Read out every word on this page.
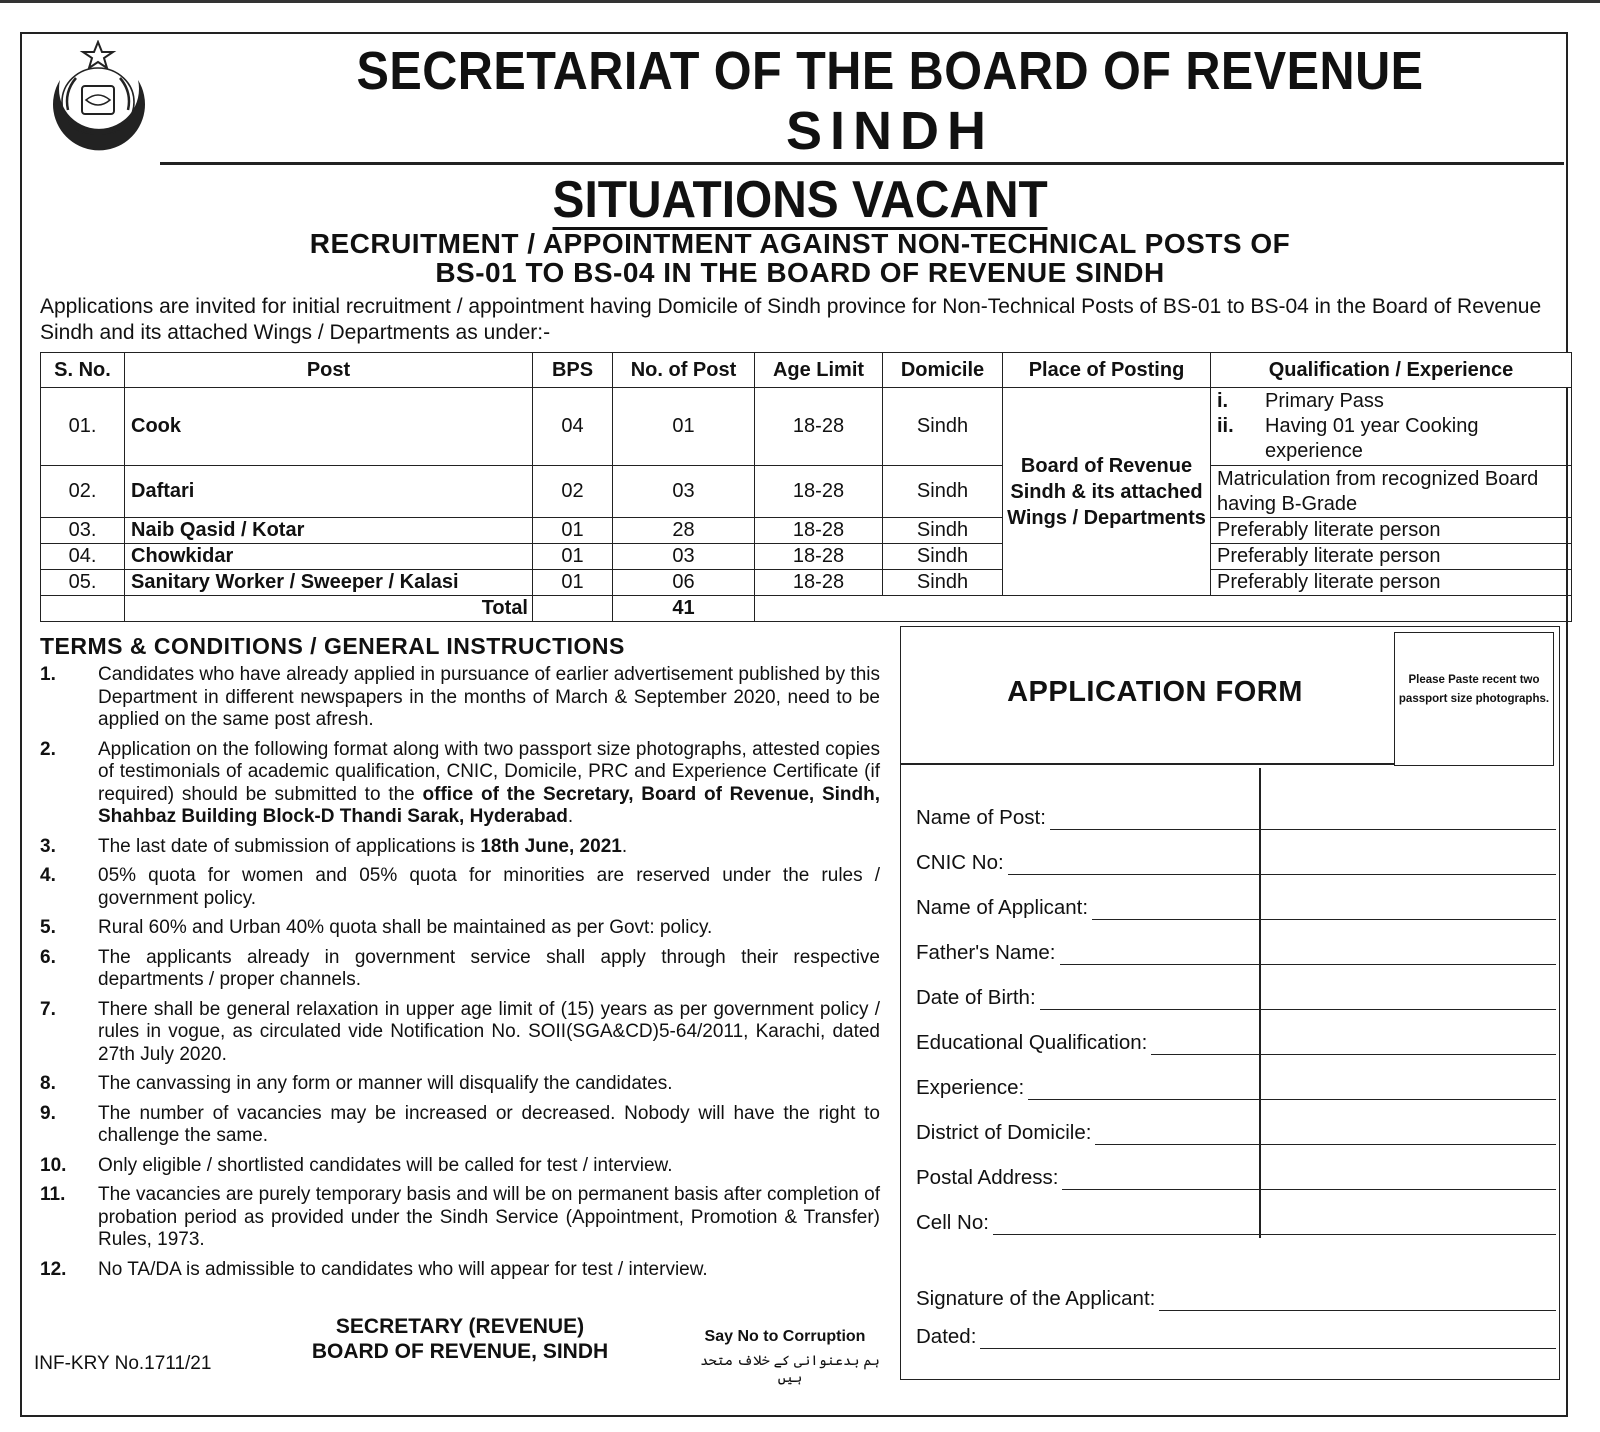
SECRETARIAT OF THE BOARD OF REVENUE
SINDH
SITUATIONS VACANT
RECRUITMENT / APPOINTMENT AGAINST NON-TECHNICAL POSTS OF
BS-01 TO BS-04 IN THE BOARD OF REVENUE SINDH
Applications are invited for initial recruitment / appointment having Domicile of Sindh province for Non-Technical Posts of BS-01 to BS-04 in the Board of Revenue Sindh and its attached Wings / Departments as under:-
S. No.	Post	BPS	No. of Post	Age Limit	Domicile	Place of Posting	Qualification / Experience
01.	Cook	04	01	18-28	Sindh	Board of Revenue Sindh & its attached Wings / Departments	i. Primary Pass
ii. Having 01 year Cooking experience

02.	Daftari	02	03	18-28	Sindh		Matriculation from recognized Board having B-Grade
03.	Naib Qasid / Kotar	01	28	18-28	Sindh		Preferably literate person
04.	Chowkidar	01	03	18-28	Sindh		Preferably literate person
05.	Sanitary Worker / Sweeper / Kalasi	01	06	18-28	Sindh		Preferably literate person
	Total		41				
TERMS & CONDITIONS / GENERAL INSTRUCTIONS
1.	Candidates who have already applied in pursuance of earlier advertisement published by this Department in different newspapers in the months of March & September 2020, need to be applied on the same post afresh.
2.	Application on the following format along with two passport size photographs, attested copies of testimonials of academic qualification, CNIC, Domicile, PRC and Experience Certificate (if required) should be submitted to the office of the Secretary, Board of Revenue, Sindh, Shahbaz Building Block-D Thandi Sarak, Hyderabad.
3.	The last date of submission of applications is 18th June, 2021.
4.	05% quota for women and 05% quota for minorities are reserved under the rules / government policy.
5.	Rural 60% and Urban 40% quota shall be maintained as per Govt: policy.
6.	The applicants already in government service shall apply through their respective departments / proper channels.
7.	There shall be general relaxation in upper age limit of (15) years as per government policy / rules in vogue, as circulated vide Notification No. SOII(SGA&CD)5-64/2011, Karachi, dated 27th July 2020.
8.	The canvassing in any form or manner will disqualify the candidates.
9.	The number of vacancies may be increased or decreased. Nobody will have the right to challenge the same.
10.	Only eligible / shortlisted candidates will be called for test / interview.
11.	The vacancies are purely temporary basis and will be on permanent basis after completion of probation period as provided under the Sindh Service (Appointment, Promotion & Transfer) Rules, 1973.
12.	No TA/DA is admissible to candidates who will appear for test / interview.
SECRETARY (REVENUE)
BOARD OF REVENUE, SINDH
Say No to Corruption
ہم بدعنوانی کے خلاف متحد ہیں
INF-KRY No.1711/21
APPLICATION FORM	Please Paste recent two passport size photographs.
Name of Post:
CNIC No:
Name of Applicant:
Father's Name:
Date of Birth:
Educational Qualification:
Experience:
District of Domicile:
Postal Address:
Cell No:
Signature of the Applicant:
Dated:
